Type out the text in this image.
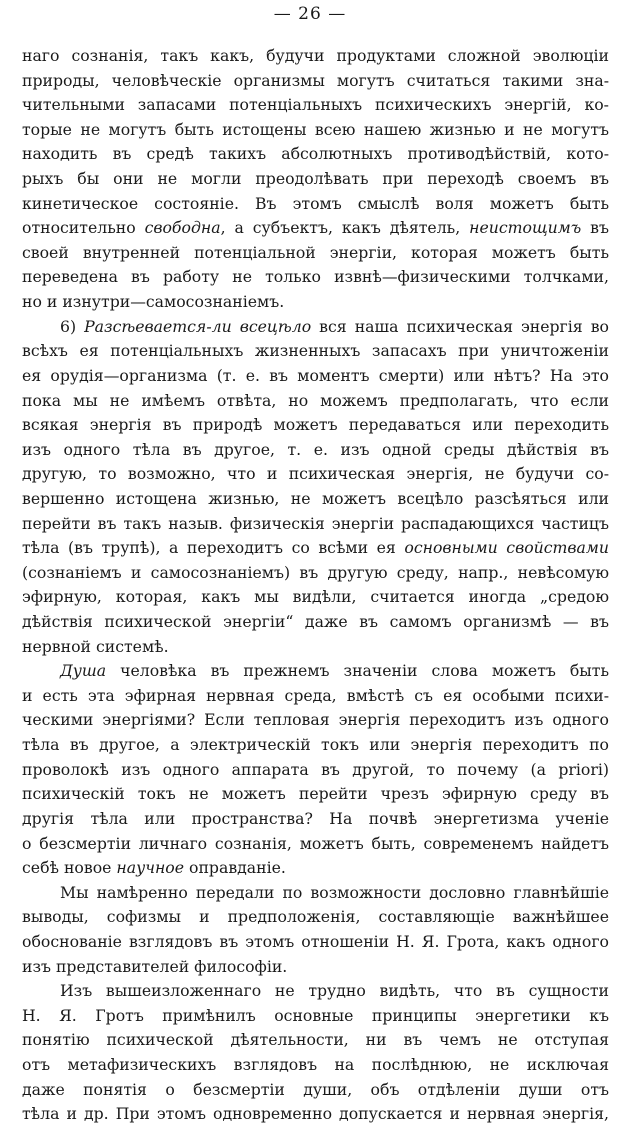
— 26 —
нагo сознанія, такъ какъ, будучи продуктами сложной эволюціи
природы, человѣческіе организмы могутъ считаться такими зна-
чительными запасами потенціальныхъ психическихъ энергій, ко-
торые не могутъ быть истощены всею нашею жизнью и не могутъ
находить въ средѣ такихъ абсолютныхъ противодѣйствій, кото-
рыхъ бы они не могли преодолѣвать при переходѣ своемъ въ
кинетическое состояніе. Въ этомъ смыслѣ воля можетъ быть
относительно свободна, а субъектъ, какъ дѣятель, неистощимъ въ
своей внутренней потенціальной энергіи, которая можетъ быть
переведена въ работу не только извнѣ—физическими толчками,
но и изнутри—самосознаніемъ.
6) Разсѣевается-ли всецѣло вся наша психическая энергія во
всѣхъ ея потенціальныхъ жизненныхъ запасахъ при уничтоженіи
ея орудія—организма (т. е. въ моментъ смерти) или нѣтъ? На это
пока мы не имѣемъ отвѣта, но можемъ предполагать, что если
всякая энергія въ природѣ можетъ передаваться или переходить
изъ одного тѣла въ другое, т. е. изъ одной среды дѣйствія въ
другую, то возможно, что и психическая энергія, не будучи со-
вершенно истощена жизнью, не можетъ всецѣло разсѣяться или
перейти въ такъ назыв. физическія энергіи распадающихся частицъ
тѣла (въ трупѣ), а переходитъ со всѣми ея основными свойствами
(сознаніемъ и самосознаніемъ) въ другую среду, напр., невѣсомую
эфирную, которая, какъ мы видѣли, считается иногда „средою
дѣйствія психической энергіи“ даже въ самомъ организмѣ — въ
нервной системѣ.
Душа человѣка въ прежнемъ значеніи слова можетъ быть
и есть эта эфирная нервная среда, вмѣстѣ съ ея особыми психи-
ческими энергіями? Если тепловая энергія переходитъ изъ одного
тѣла въ другое, а электрическій токъ или энергія переходитъ по
проволокѣ изъ одного аппарата въ другой, то почему (a priori)
психическій токъ не можетъ перейти чрезъ эфирную среду въ
другія тѣла или пространства? На почвѣ энергетизма ученіе
о безсмертіи личнаго сознанія, можетъ быть, современемъ найдетъ
себѣ новое научное оправданіе.
Мы намѣренно передали по возможности дословно главнѣйшіе
выводы, софизмы и предположенія, составляющіе важнѣйшее
обоснованіе взглядовъ въ этомъ отношеніи Н. Я. Грота, какъ одного
изъ представителей философіи.
Изъ вышеизложеннаго не трудно видѣть, что въ сущности
Н. Я. Гротъ примѣнилъ основные принципы энергетики къ
понятію психической дѣятельности, ни въ чемъ не отступая
отъ метафизическихъ взглядовъ на послѣднюю, не исключая
даже понятія о безсмертіи души, объ отдѣленіи души отъ
тѣла и др. При этомъ одновременно допускается и нервная энергія,
